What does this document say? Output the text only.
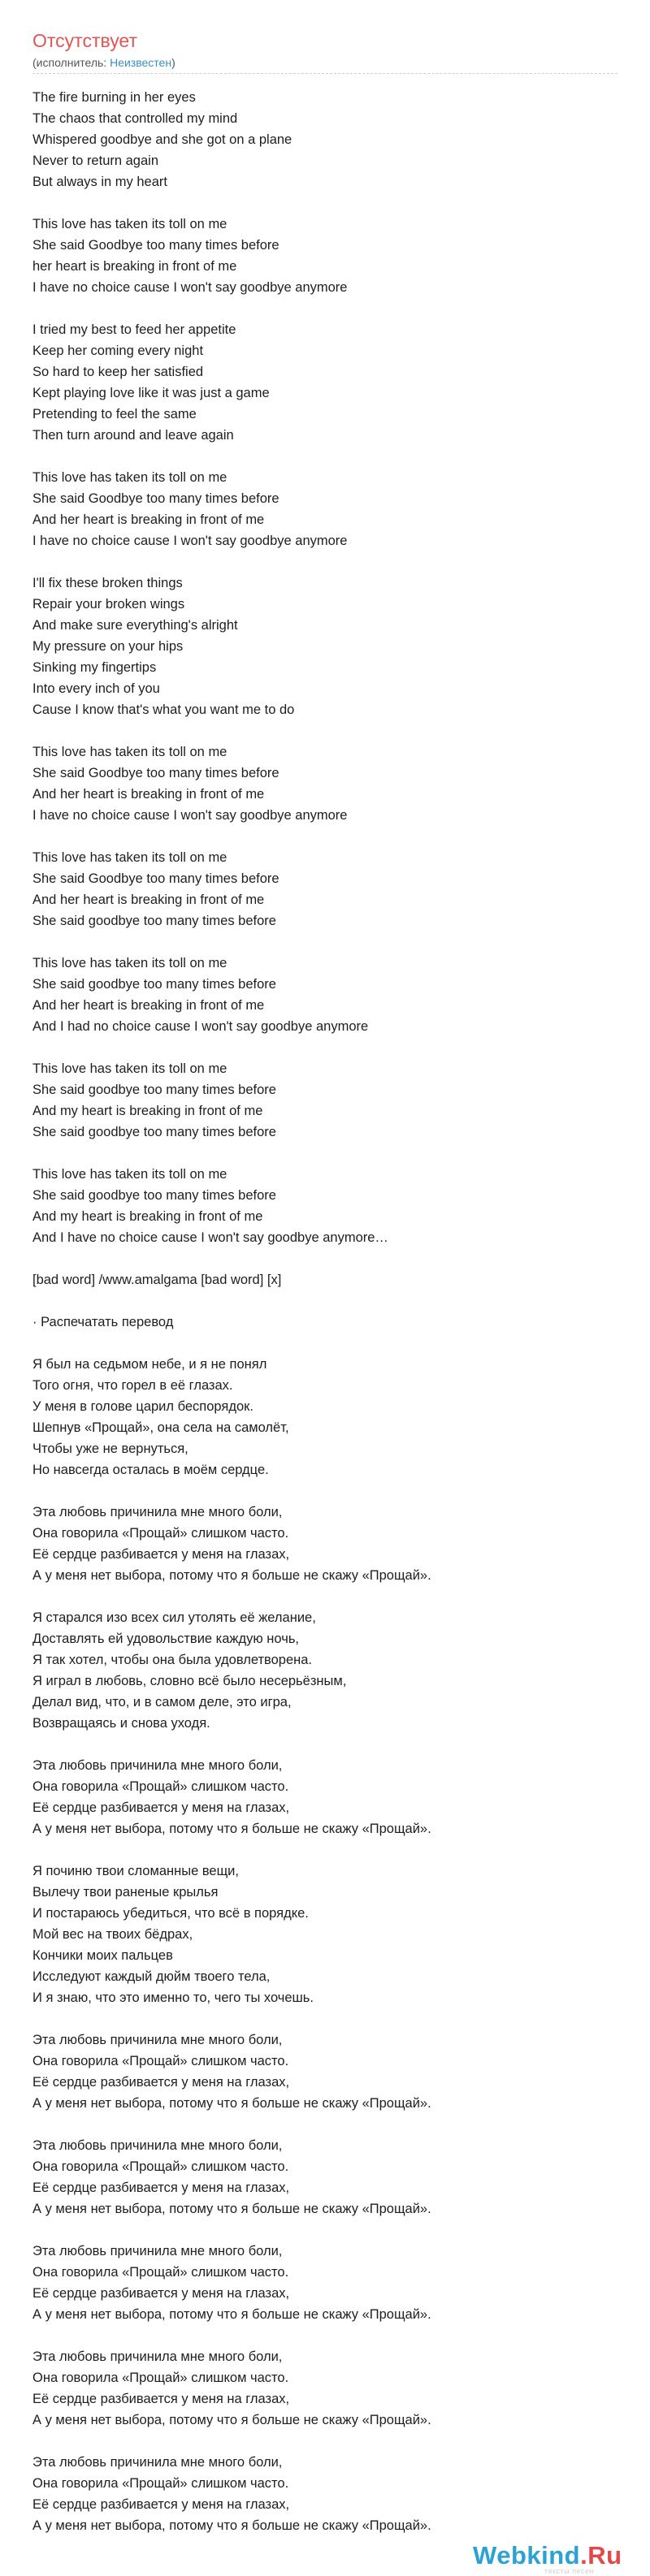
Отсутствует
(исполнитель: Неизвестен)
The fire burning in her eyes
The chaos that controlled my mind
Whispered goodbye and she got on a plane
Never to return again
But always in my heart
This love has taken its toll on me
She said Goodbye too many times before
her heart is breaking in front of me
I have no choice cause I won't say goodbye anymore
I tried my best to feed her appetite
Keep her coming every night
So hard to keep her satisfied
Kept playing love like it was just a game
Pretending to feel the same
Then turn around and leave again
This love has taken its toll on me
She said Goodbye too many times before
And her heart is breaking in front of me
I have no choice cause I won't say goodbye anymore
I'll fix these broken things
Repair your broken wings
And make sure everything's alright
My pressure on your hips
Sinking my fingertips
Into every inch of you
Cause I know that's what you want me to do
This love has taken its toll on me
She said Goodbye too many times before
And her heart is breaking in front of me
I have no choice cause I won't say goodbye anymore
This love has taken its toll on me
She said Goodbye too many times before
And her heart is breaking in front of me
She said goodbye too many times before
This love has taken its toll on me
She said goodbye too many times before
And her heart is breaking in front of me
And I had no choice cause I won't say goodbye anymore
This love has taken its toll on me
She said goodbye too many times before
And my heart is breaking in front of me
She said goodbye too many times before
This love has taken its toll on me
She said goodbye too many times before
And my heart is breaking in front of me
And I have no choice cause I won't say goodbye anymore…
[bad word] /www.amalgama [bad word] [x]
· Распечатать перевод
Я был на седьмом небе, и я не понял
Того огня, что горел в её глазах.
У меня в голове царил беспорядок.
Шепнув «Прощай», она села на самолёт,
Чтобы уже не вернуться,
Но навсегда осталась в моём сердце.
Эта любовь причинила мне много боли,
Она говорила «Прощай» слишком часто.
Её сердце разбивается у меня на глазах,
А у меня нет выбора, потому что я больше не скажу «Прощай».
Я старался изо всех сил утолять её желание,
Доставлять ей удовольствие каждую ночь,
Я так хотел, чтобы она была удовлетворена.
Я играл в любовь, словно всё было несерьёзным,
Делал вид, что, и в самом деле, это игра,
Возвращаясь и снова уходя.
Эта любовь причинила мне много боли,
Она говорила «Прощай» слишком часто.
Её сердце разбивается у меня на глазах,
А у меня нет выбора, потому что я больше не скажу «Прощай».
Я починю твои сломанные вещи,
Вылечу твои раненые крылья
И постараюсь убедиться, что всё в порядке.
Мой вес на твоих бёдрах,
Кончики моих пальцев
Исследуют каждый дюйм твоего тела,
И я знаю, что это именно то, чего ты хочешь.
Эта любовь причинила мне много боли,
Она говорила «Прощай» слишком часто.
Её сердце разбивается у меня на глазах,
А у меня нет выбора, потому что я больше не скажу «Прощай».
Эта любовь причинила мне много боли,
Она говорила «Прощай» слишком часто.
Её сердце разбивается у меня на глазах,
А у меня нет выбора, потому что я больше не скажу «Прощай».
Эта любовь причинила мне много боли,
Она говорила «Прощай» слишком часто.
Её сердце разбивается у меня на глазах,
А у меня нет выбора, потому что я больше не скажу «Прощай».
Эта любовь причинила мне много боли,
Она говорила «Прощай» слишком часто.
Её сердце разбивается у меня на глазах,
А у меня нет выбора, потому что я больше не скажу «Прощай».
Эта любовь причинила мне много боли,
Она говорила «Прощай» слишком часто.
Её сердце разбивается у меня на глазах,
А у меня нет выбора, потому что я больше не скажу «Прощай».
Webkind.Ru
тексты песен
